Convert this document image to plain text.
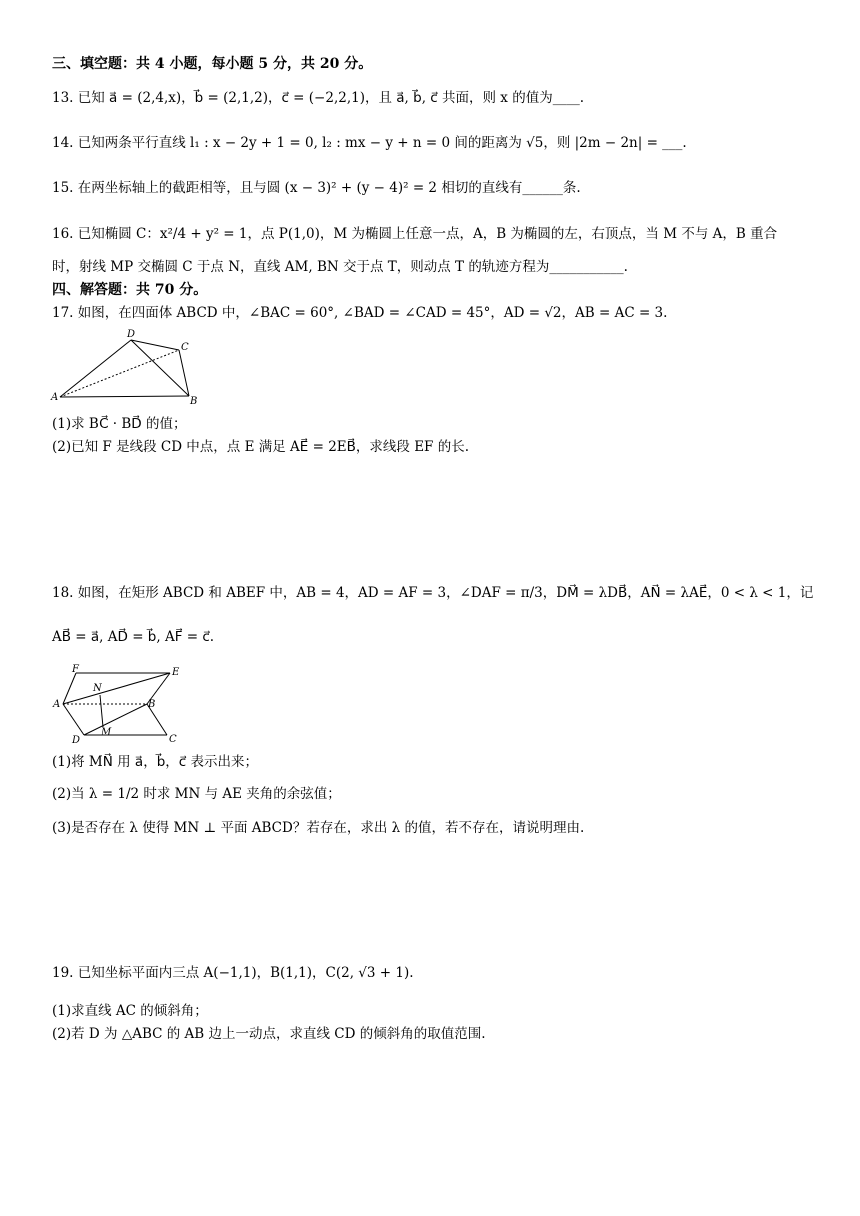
三、填空题：共 4 小题，每小题 5 分，共 20 分。
13. 已知 a⃗ = (2,4,x)，b⃗ = (2,1,2)，c⃗ = (−2,2,1)，且 a⃗, b⃗, c⃗ 共面，则 x 的值为____.
14. 已知两条平行直线 l₁ : x − 2y + 1 = 0, l₂ : mx − y + n = 0 间的距离为 √5，则 |2m − 2n| = ___.
15. 在两坐标轴上的截距相等，且与圆 (x − 3)² + (y − 4)² = 2 相切的直线有______条.
16. 已知椭圆 C：x²/4 + y² = 1，点 P(1,0)，M 为椭圆上任意一点，A，B 为椭圆的左，右顶点，当 M 不与 A，B 重合
时，射线 MP 交椭圆 C 于点 N，直线 AM, BN 交于点 T，则动点 T 的轨迹方程为___________.
四、解答题：共 70 分。
17. 如图，在四面体 ABCD 中，∠BAC = 60°, ∠BAD = ∠CAD = 45°，AD = √2，AB = AC = 3.
A	B
C
D
(1)求 BC⃗ · BD⃗ 的值；
(2)已知 F 是线段 CD 中点，点 E 满足 AE⃗ = 2EB⃗，求线段 EF 的长.
18. 如图，在矩形 ABCD 和 ABEF 中，AB = 4，AD = AF = 3，∠DAF = π/3，DM⃗ = λDB⃗，AN⃗ = λAE⃗，0 < λ < 1，记
AB⃗ = a⃗, AD⃗ = b⃗, AF⃗ = c⃗.
F	E
A	B
N
M
D	C
(1)将 MN⃗ 用 a⃗，b⃗，c⃗ 表示出来；
(2)当 λ = 1/2 时求 MN 与 AE 夹角的余弦值；
(3)是否存在 λ 使得 MN ⊥ 平面 ABCD？若存在，求出 λ 的值，若不存在，请说明理由.
19. 已知坐标平面内三点 A(−1,1)，B(1,1)，C(2, √3 + 1).
(1)求直线 AC 的倾斜角；
(2)若 D 为 △ABC 的 AB 边上一动点，求直线 CD 的倾斜角的取值范围.
